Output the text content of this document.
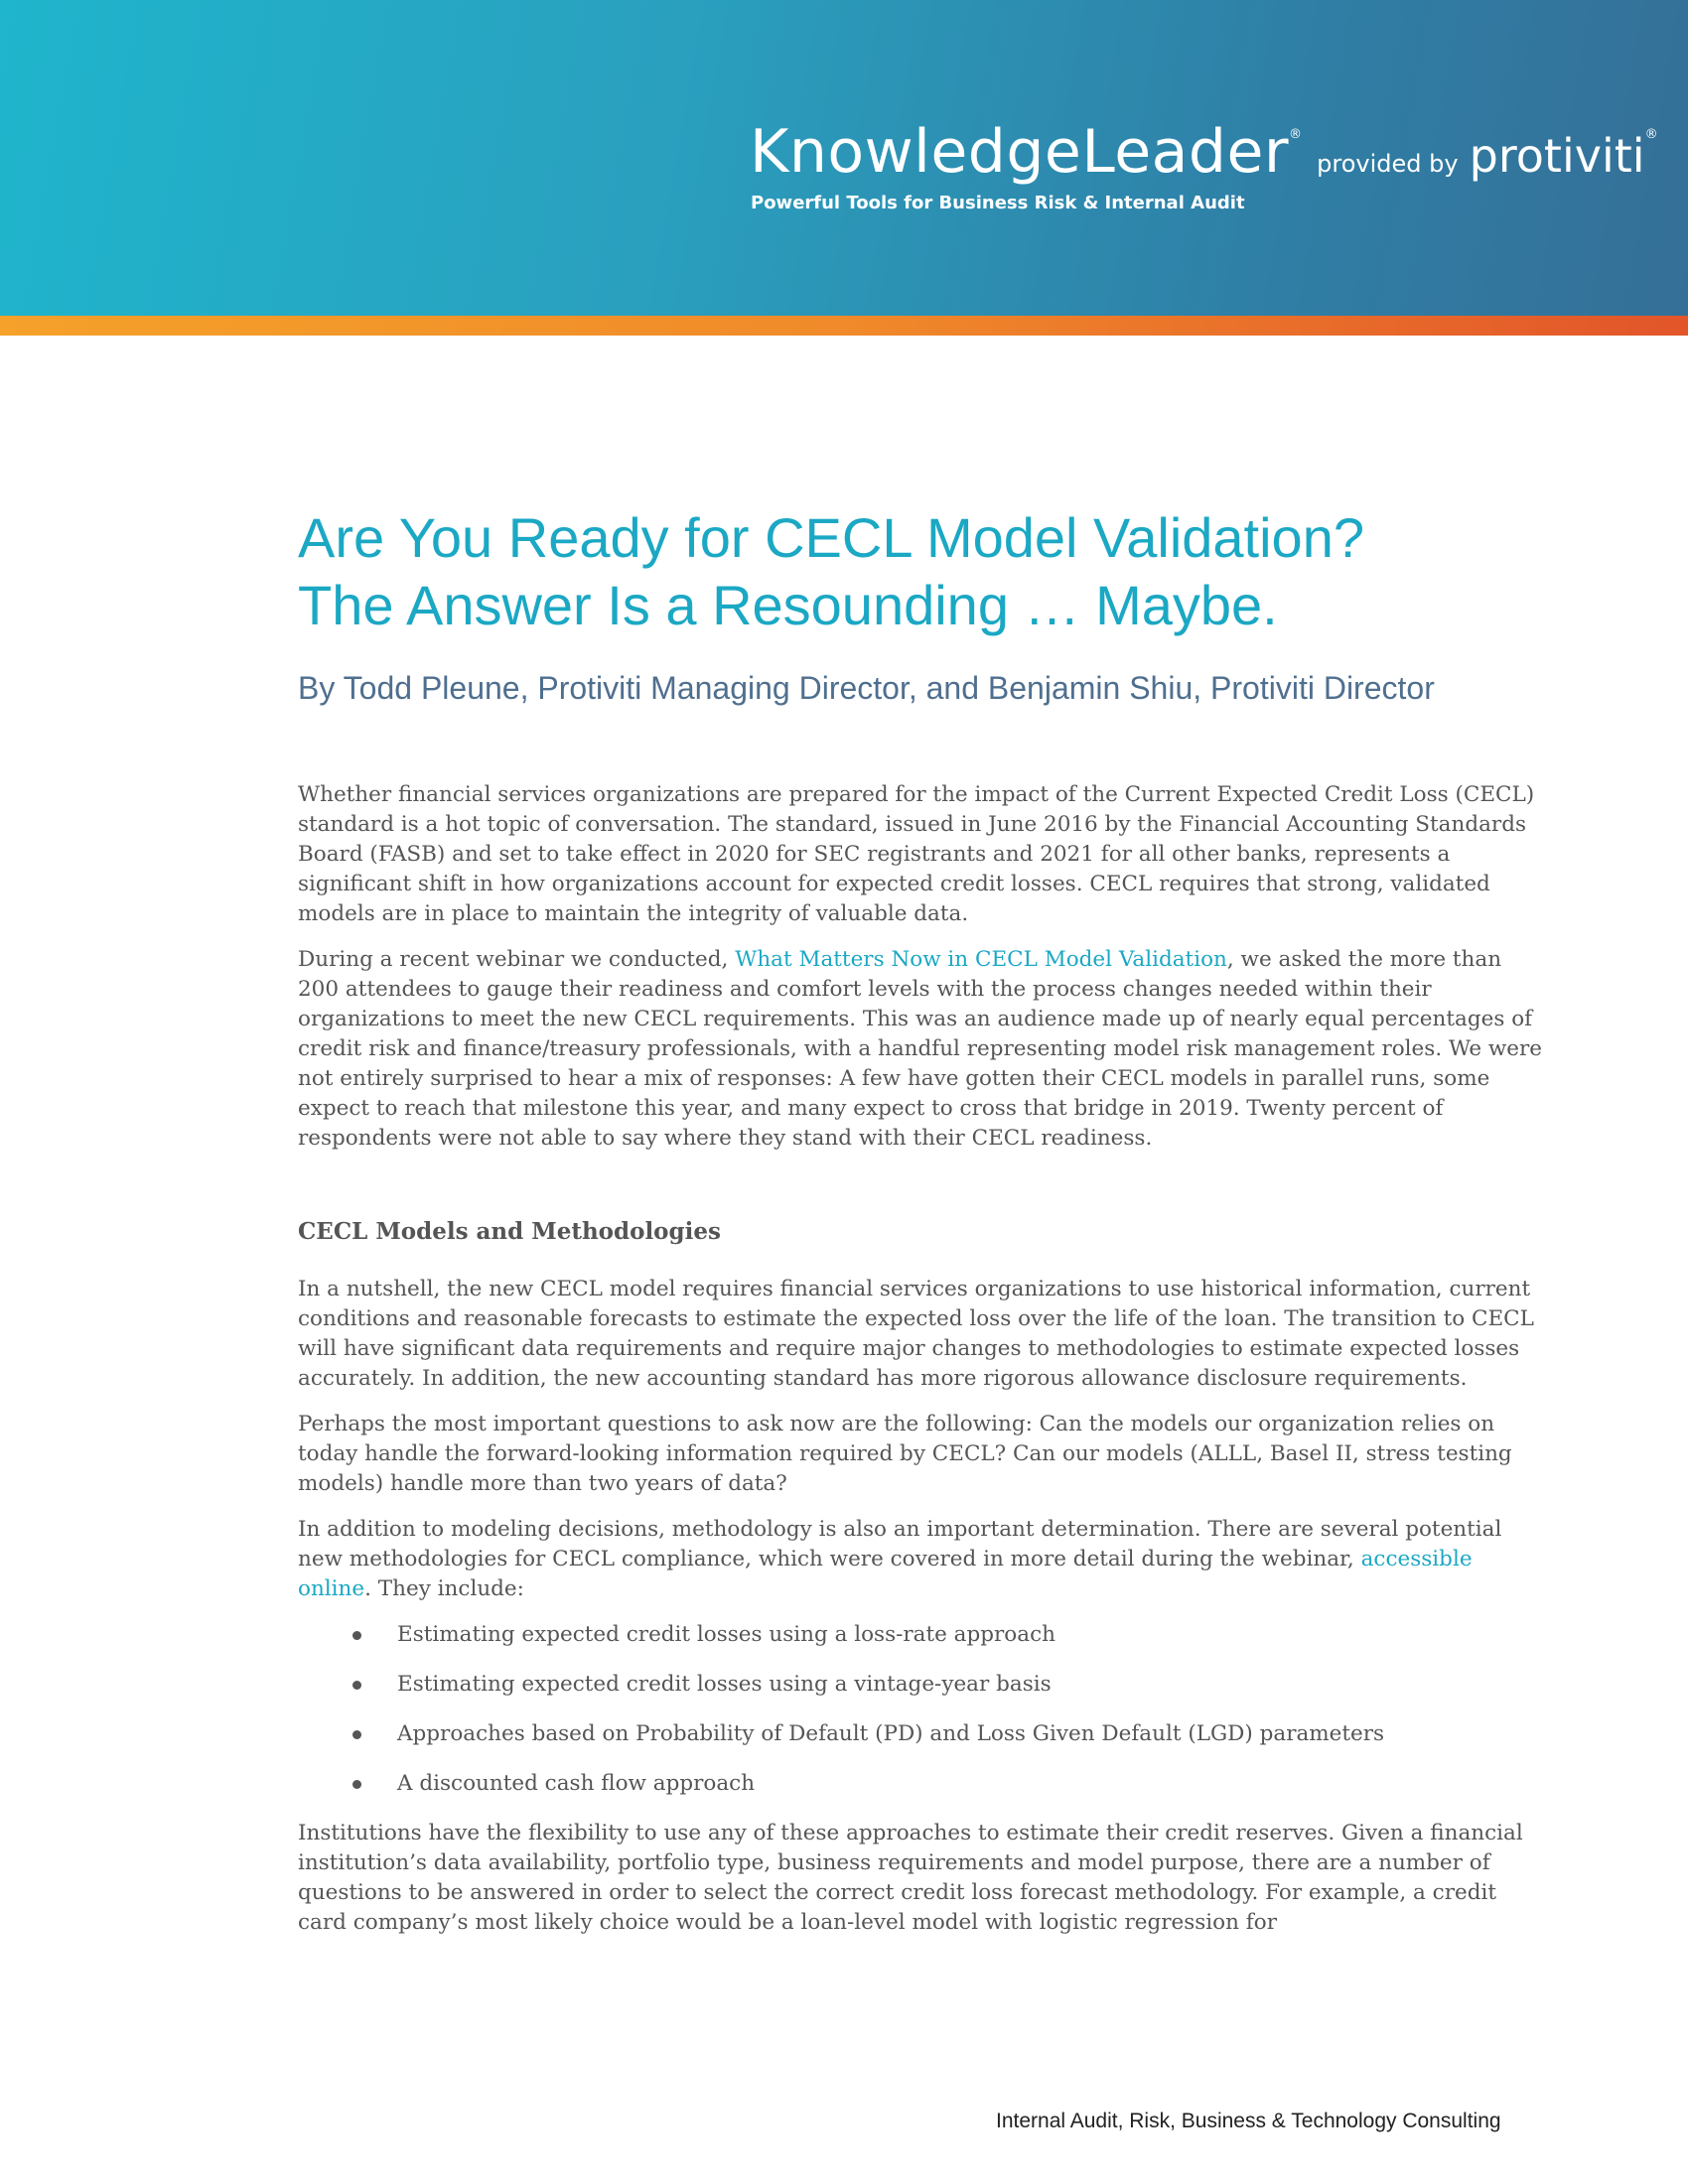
KnowledgeLeader® provided by protiviti®
Powerful Tools for Business Risk & Internal Audit
Are You Ready for CECL Model Validation?
The Answer Is a Resounding … Maybe.
By Todd Pleune, Protiviti Managing Director, and Benjamin Shiu, Protiviti Director

Whether financial services organizations are prepared for the impact of the Current Expected Credit Loss (CECL) standard is a hot topic of conversation. The standard, issued in June 2016 by the Financial Accounting Standards Board (FASB) and set to take effect in 2020 for SEC registrants and 2021 for all other banks, represents a significant shift in how organizations account for expected credit losses. CECL requires that strong, validated models are in place to maintain the integrity of valuable data.

During a recent webinar we conducted, What Matters Now in CECL Model Validation, we asked the more than 200 attendees to gauge their readiness and comfort levels with the process changes needed within their organizations to meet the new CECL requirements. This was an audience made up of nearly equal percentages of credit risk and finance/treasury professionals, with a handful representing model risk management roles. We were not entirely surprised to hear a mix of responses: A few have gotten their CECL models in parallel runs, some expect to reach that milestone this year, and many expect to cross that bridge in 2019. Twenty percent of respondents were not able to say where they stand with their CECL readiness.

CECL Models and Methodologies

In a nutshell, the new CECL model requires financial services organizations to use historical information, current conditions and reasonable forecasts to estimate the expected loss over the life of the loan. The transition to CECL will have significant data requirements and require major changes to methodologies to estimate expected losses accurately. In addition, the new accounting standard has more rigorous allowance disclosure requirements.

Perhaps the most important questions to ask now are the following: Can the models our organization relies on today handle the forward-looking information required by CECL? Can our models (ALLL, Basel II, stress testing models) handle more than two years of data?

In addition to modeling decisions, methodology is also an important determination. There are several potential new methodologies for CECL compliance, which were covered in more detail during the webinar, accessible online. They include:

Estimating expected credit losses using a loss-rate approach
Estimating expected credit losses using a vintage-year basis
Approaches based on Probability of Default (PD) and Loss Given Default (LGD) parameters
A discounted cash flow approach

Institutions have the flexibility to use any of these approaches to estimate their credit reserves. Given a financial institution’s data availability, portfolio type, business requirements and model purpose, there are a number of questions to be answered in order to select the correct credit loss forecast methodology. For example, a credit card company’s most likely choice would be a loan-level model with logistic regression for

Internal Audit, Risk, Business & Technology Consulting
